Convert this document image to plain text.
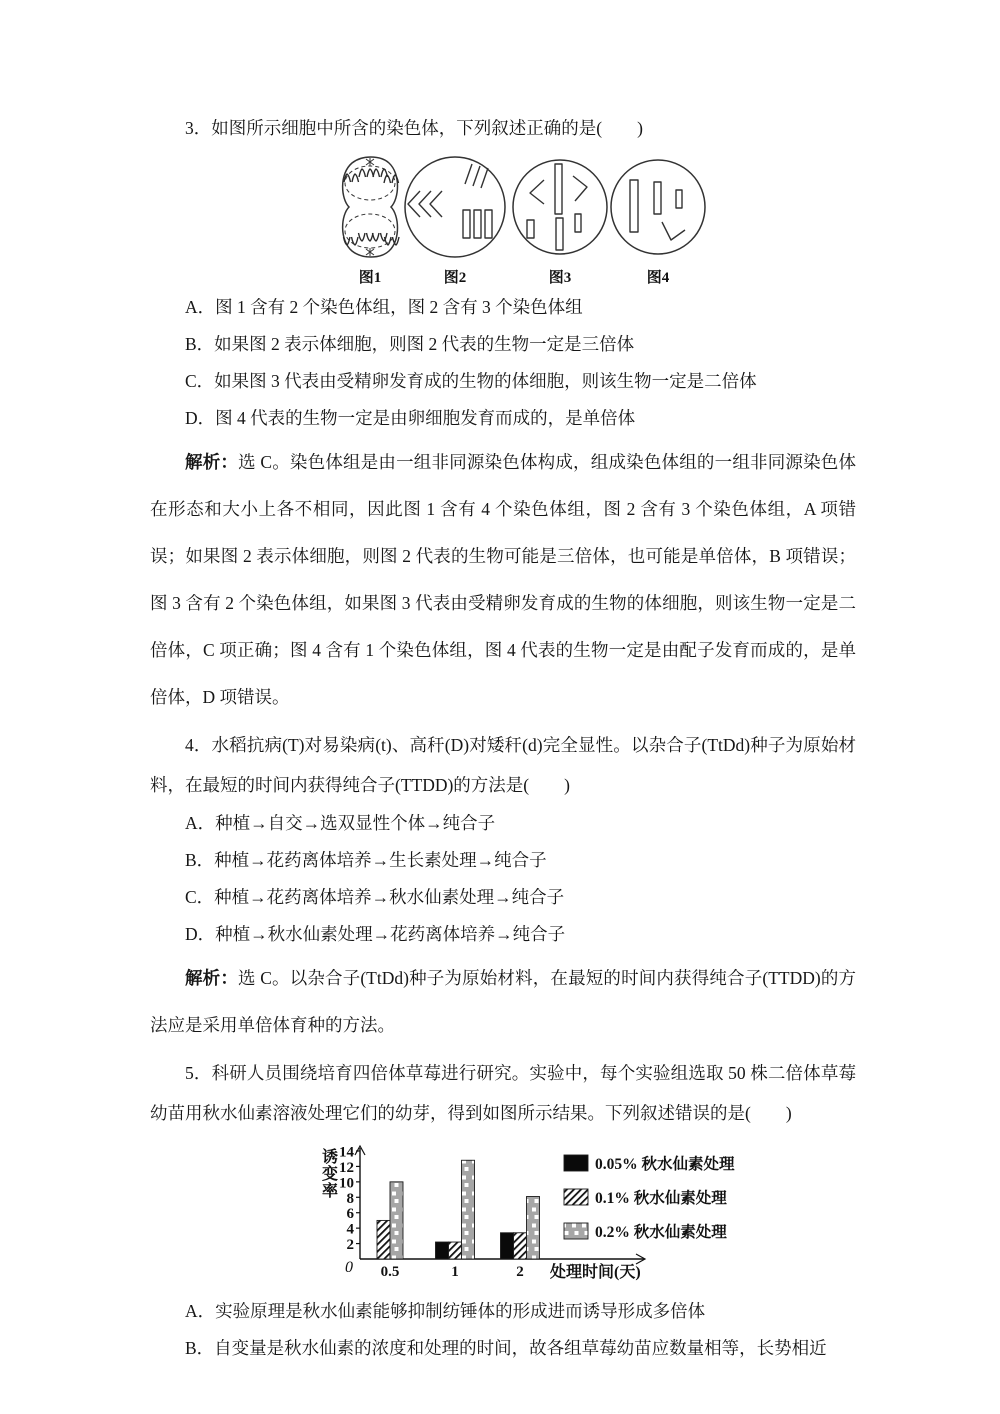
3．如图所示细胞中所含的染色体，下列叙述正确的是(　　)

图1	图2	图3	图4

A．图 1 含有 2 个染色体组，图 2 含有 3 个染色体组

B．如果图 2 表示体细胞，则图 2 代表的生物一定是三倍体

C．如果图 3 代表由受精卵发育成的生物的体细胞，则该生物一定是二倍体

D．图 4 代表的生物一定是由卵细胞发育而成的，是单倍体

解析：选 C。染色体组是由一组非同源染色体构成，组成染色体组的一组非同源染色体在形态和大小上各不相同，因此图 1 含有 4 个染色体组，图 2 含有 3 个染色体组，A 项错误；如果图 2 表示体细胞，则图 2 代表的生物可能是三倍体，也可能是单倍体，B 项错误；图 3 含有 2 个染色体组，如果图 3 代表由受精卵发育成的生物的体细胞，则该生物一定是二倍体，C 项正确；图 4 含有 1 个染色体组，图 4 代表的生物一定是由配子发育而成的，是单倍体，D 项错误。

4．水稻抗病(T)对易染病(t)、高秆(D)对矮秆(d)完全显性。以杂合子(TtDd)种子为原始材料，在最短的时间内获得纯合子(TTDD)的方法是(　　)

A．种植→自交→选双显性个体→纯合子

B．种植→花药离体培养→生长素处理→纯合子

C．种植→花药离体培养→秋水仙素处理→纯合子

D．种植→秋水仙素处理→花药离体培养→纯合子

解析：选 C。以杂合子(TtDd)种子为原始材料，在最短的时间内获得纯合子(TTDD)的方法应是采用单倍体育种的方法。

5．科研人员围绕培育四倍体草莓进行研究。实验中，每个实验组选取 50 株二倍体草莓幼苗用秋水仙素溶液处理它们的幼芽，得到如图所示结果。下列叙述错误的是(　　)

0
2
4
6
8
10
12
14
诱
变
率
0.5	1	2 处理时间(天)
0.05% 秋水仙素处理
0.1% 秋水仙素处理
0.2% 秋水仙素处理

A．实验原理是秋水仙素能够抑制纺锤体的形成进而诱导形成多倍体

B．自变量是秋水仙素的浓度和处理的时间，故各组草莓幼苗应数量相等，长势相近
